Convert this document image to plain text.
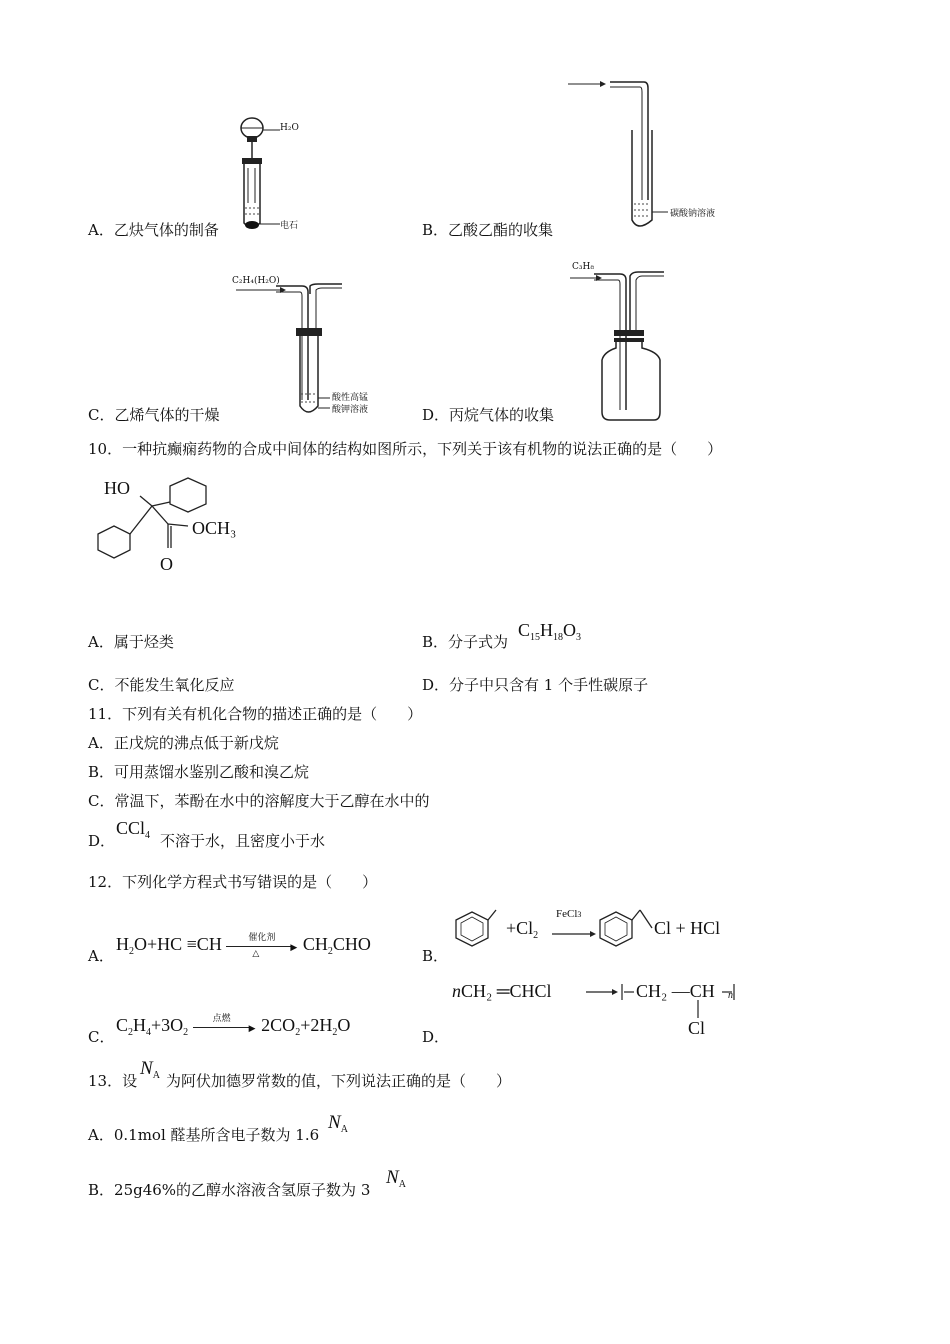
H₂O
电石
碳酸钠溶液
C₂H₄(H₂O)
酸性高锰
酸钾溶液
C₃H₈
A．乙炔气体的制备	B．乙酸乙酯的收集
C．乙烯气体的干燥	D．丙烷气体的收集
10．一种抗癫痫药物的合成中间体的结构如图所示，下列关于该有机物的说法正确的是（　　）
HO
OCH₃
O
A．属于烃类	B．分子式为
$C_{15}H_{18}O_3$
C．不能发生氧化反应	D．分子中只含有 1 个手性碳原子
11．下列有关有机化合物的描述正确的是（　　）
A．正戊烷的沸点低于新戊烷
B．可用蒸馏水鉴别乙酸和溴乙烷
C．常温下，苯酚在水中的溶解度大于乙醇在水中的
D．
CCl$_4$ 不溶于水，且密度小于水
12．下列化学方程式书写错误的是（　　）
A．
$H_2O+HC \equiv CH$	催化剂
▶
△ $CH_2CHO$
B．
$+Cl_2$
FeCl3
Cl + HCl
C．
$C_2H_4+3O_2$
点燃
▶ $2CO_2+2H_2O$
D．
nCH₂ ═CHCl	CH₂ —CH n
Cl
13．设
$N_A$ 为阿伏加德罗常数的值，下列说法正确的是（　　）
A．0.1mol 醛基所含电子数为 1.6
$N_A$
B．25g46%的乙醇水溶液含氢原子数为 3
$N_A$
